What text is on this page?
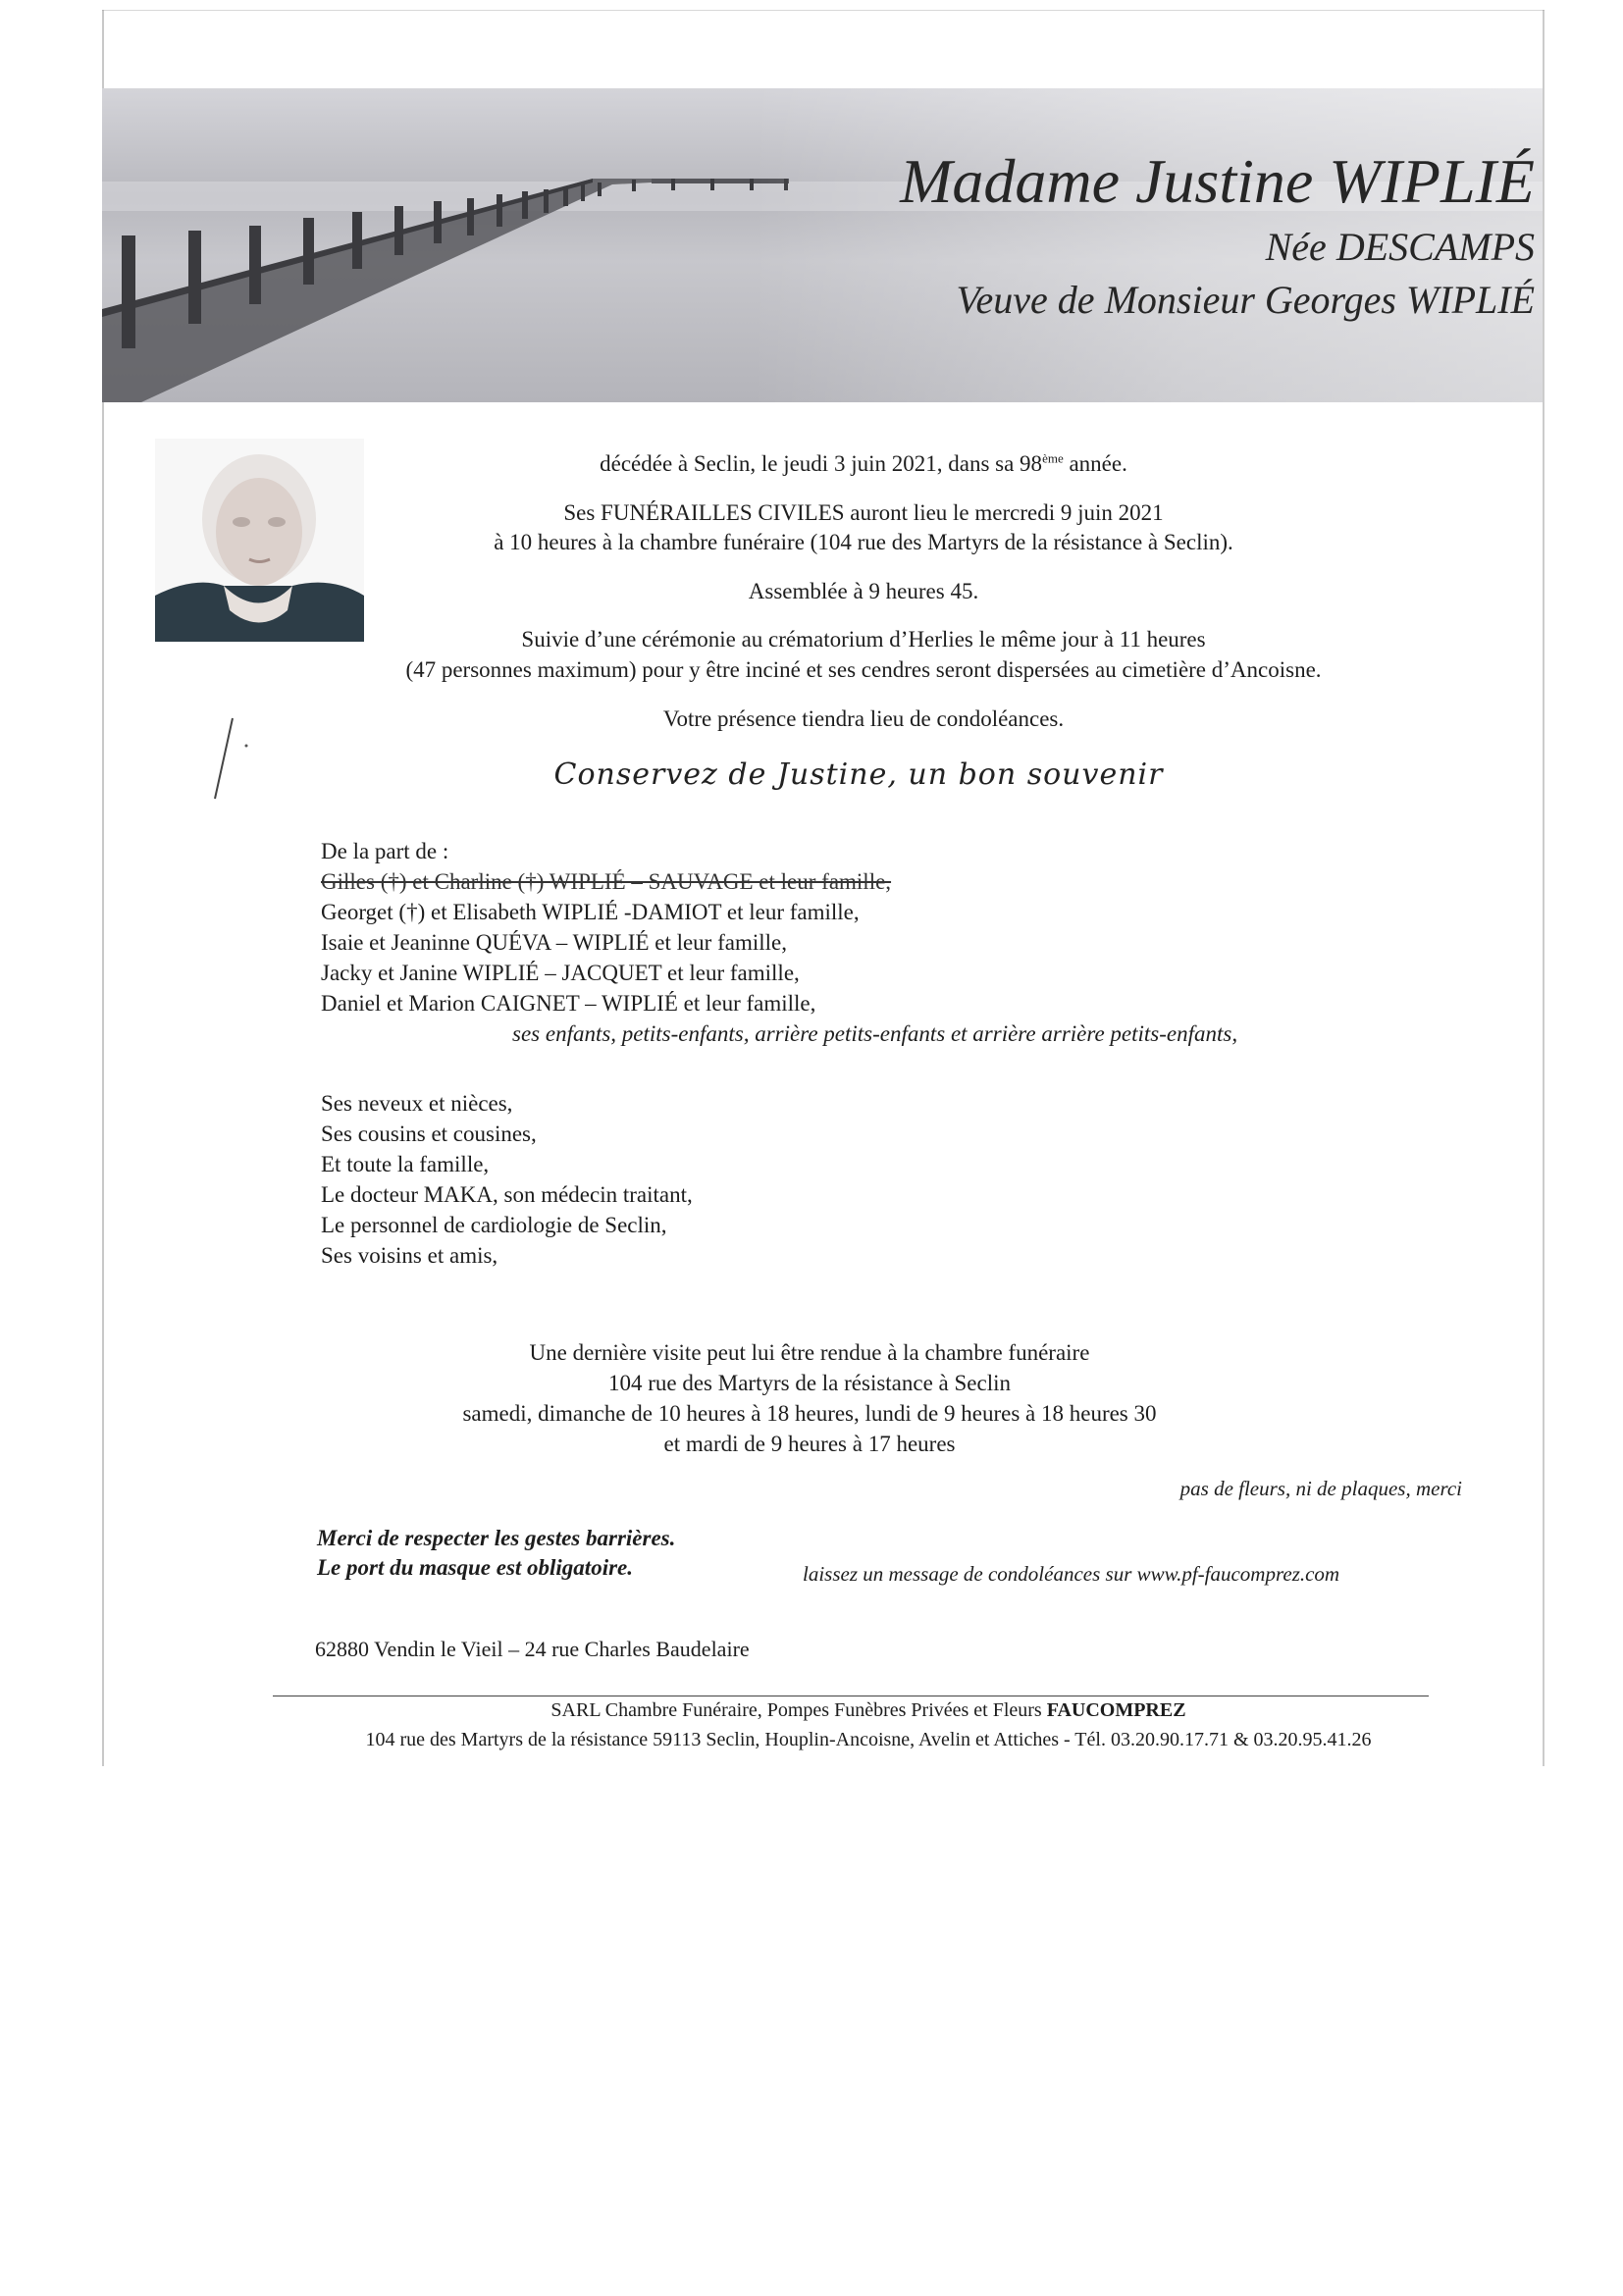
Madame Justine WIPLIÉ
Née DESCAMPS
Veuve de Monsieur Georges WIPLIÉ
décédée à Seclin, le jeudi 3 juin 2021, dans sa 98ème année.
Ses FUNÉRAILLES CIVILES auront lieu le mercredi 9 juin 2021
à 10 heures à la chambre funéraire (104 rue des Martyrs de la résistance à Seclin).
Assemblée à 9 heures 45.
Suivie d’une cérémonie au crématorium d’Herlies le même jour à 11 heures
(47 personnes maximum) pour y être inciné et ses cendres seront dispersées au cimetière d’Ancoisne.
Votre présence tiendra lieu de condoléances.
Conservez de Justine, un bon souvenir
De la part de :
Gilles (†) et Charline (†) WIPLIÉ – SAUVAGE et leur famille,
Georget (†) et Elisabeth WIPLIÉ -DAMIOT et leur famille,
Isaie et Jeaninne QUÉVA – WIPLIÉ et leur famille,
Jacky et Janine WIPLIÉ – JACQUET et leur famille,
Daniel et Marion CAIGNET – WIPLIÉ et leur famille,
ses enfants, petits-enfants, arrière petits-enfants et arrière arrière petits-enfants,
Ses neveux et nièces,
Ses cousins et cousines,
Et toute la famille,
Le docteur MAKA, son médecin traitant,
Le personnel de cardiologie de Seclin,
Ses voisins et amis,
Une dernière visite peut lui être rendue à la chambre funéraire
104 rue des Martyrs de la résistance à Seclin
samedi, dimanche de 10 heures à 18 heures, lundi de 9 heures à 18 heures 30
et mardi de 9 heures à 17 heures
pas de fleurs, ni de plaques, merci
Merci de respecter les gestes barrières.
Le port du masque est obligatoire.	laissez un message de condoléances sur www.pf-faucomprez.com
62880 Vendin le Vieil – 24 rue Charles Baudelaire
SARL Chambre Funéraire, Pompes Funèbres Privées et Fleurs FAUCOMPREZ
104 rue des Martyrs de la résistance 59113 Seclin, Houplin-Ancoisne, Avelin et Attiches - Tél. 03.20.90.17.71 & 03.20.95.41.26
